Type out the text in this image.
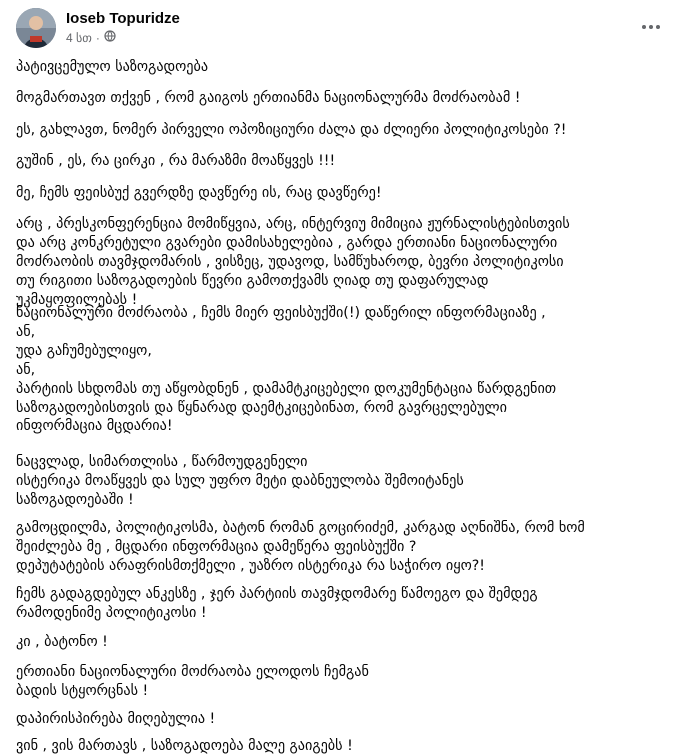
Ioseb Topuridze
4 სთ ·
პატივცემულო საზოგადოება
მოგმართავთ თქვენ , რომ გაიგოს ერთიანმა ნაციონალურმა მოძრაობამ !
ეს, გახლავთ, ნომერ პირველი ოპოზიციური ძალა და ძლიერი პოლიტიკოსები ?!
გუშინ , ეს, რა ცირკი , რა მარაზმი მოაწყვეს !!!
მე, ჩემს ფეისბუქ გვერდზე დავწერე ის, რაც დავწერე!
არც , პრესკონფერენცია მომიწყვია, არც, ინტერვიუ მიმიცია ჟურნალისტებისთვის
და არც კონკრეტული გვარები დამისახელებია , გარდა ერთიანი ნაციონალური
მოძრაობის თავმჯდომარის , ვისზეც, უდავოდ, სამწუხაროდ, ბევრი პოლიტიკოსი
თუ რიგითი საზოგადოების წევრი გამოთქვამს ღიად თუ დაფარულად
უკმაყოფილებას !
ნაციონალური მოძრაობა , ჩემს მიერ ფეისბუქში(!) დაწერილ ინფორმაციაზე ,
ან,
უდა გაჩუმებულიყო,
ან,
პარტიის სხდომას თუ აწყობდნენ , დამამტკიცებელი დოკუმენტაცია წარდგენით
საზოგადოებისთვის და წყნარად დაემტკიცებინათ, რომ გავრცელებული
ინფორმაცია მცდარია!
ნაცვლად, სიმართლისა , წარმოუდგენელი
ისტერიკა მოაწყვეს და სულ უფრო მეტი დაბნეულობა შემოიტანეს
საზოგადოებაში !
გამოცდილმა, პოლიტიკოსმა, ბატონ რომან გოცირიძემ, კარგად აღნიშნა, რომ ხომ
შეიძლება მე , მცდარი ინფორმაცია დამეწერა ფეისბუქში ?
დეპუტატების არაფრისმთქმელი , უაზრო ისტერიკა რა საჭირო იყო?!
ჩემს გადაგდებულ ანკესზე , ჯერ პარტიის თავმჯდომარე წამოეგო და შემდეგ
რამოდენიმე პოლიტიკოსი !
კი , ბატონო !
ერთიანი ნაციონალური მოძრაობა ელოდოს ჩემგან
ბადის სტყორცნას !
დაპირისპირება მიღებულია !
ვინ , ვის მართავს , საზოგადოება მალე გაიგებს !
